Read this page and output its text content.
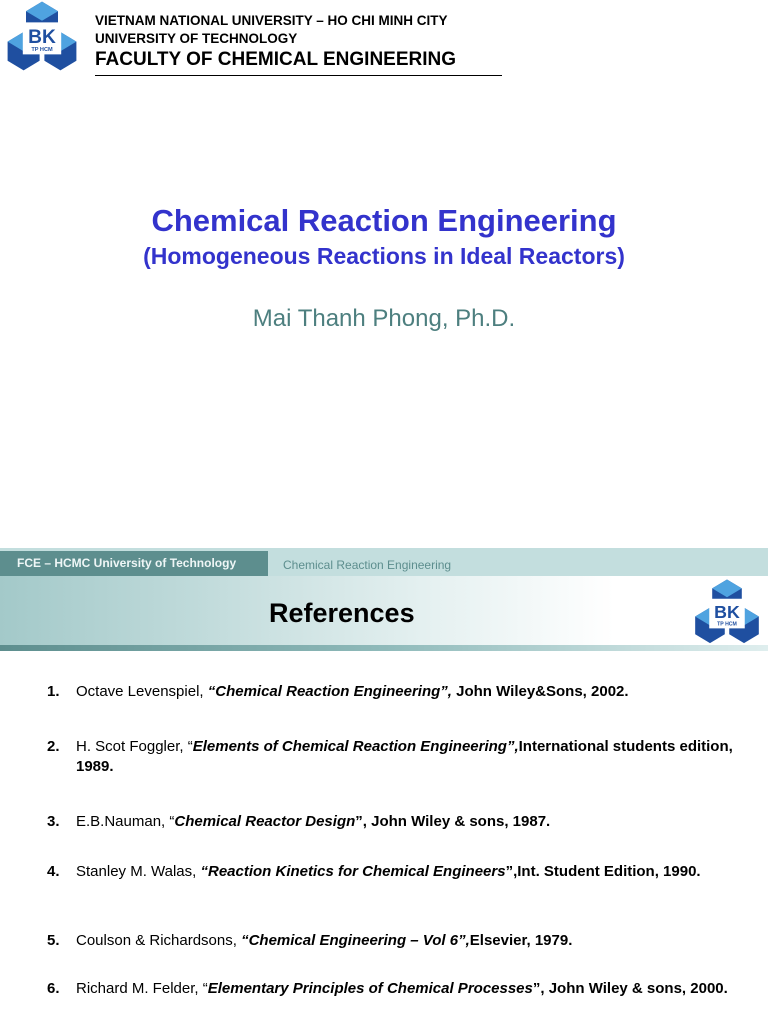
BK
TP HCM
VIETNAM NATIONAL UNIVERSITY – HO CHI MINH CITY
UNIVERSITY OF TECHNOLOGY
FACULTY OF CHEMICAL ENGINEERING
Chemical Reaction Engineering
(Homogeneous Reactions in Ideal Reactors)
Mai Thanh Phong, Ph.D.
FCE – HCMC University of Technology	Chemical Reaction Engineering
References	BK
TP HCM
1. Octave Levenspiel, “Chemical Reaction Engineering”, John Wiley&Sons, 2002.
2. H. Scot Foggler, “Elements of Chemical Reaction Engineering”,International students edition, 1989.
3. E.B.Nauman, “Chemical Reactor Design”, John Wiley & sons, 1987.
4. Stanley M. Walas, “Reaction Kinetics for Chemical Engineers”,Int. Student Edition, 1990.
5. Coulson & Richardsons, “Chemical Engineering – Vol 6”,Elsevier, 1979.
6. Richard M. Felder, “Elementary Principles of Chemical Processes”, John Wiley & sons, 2000.
